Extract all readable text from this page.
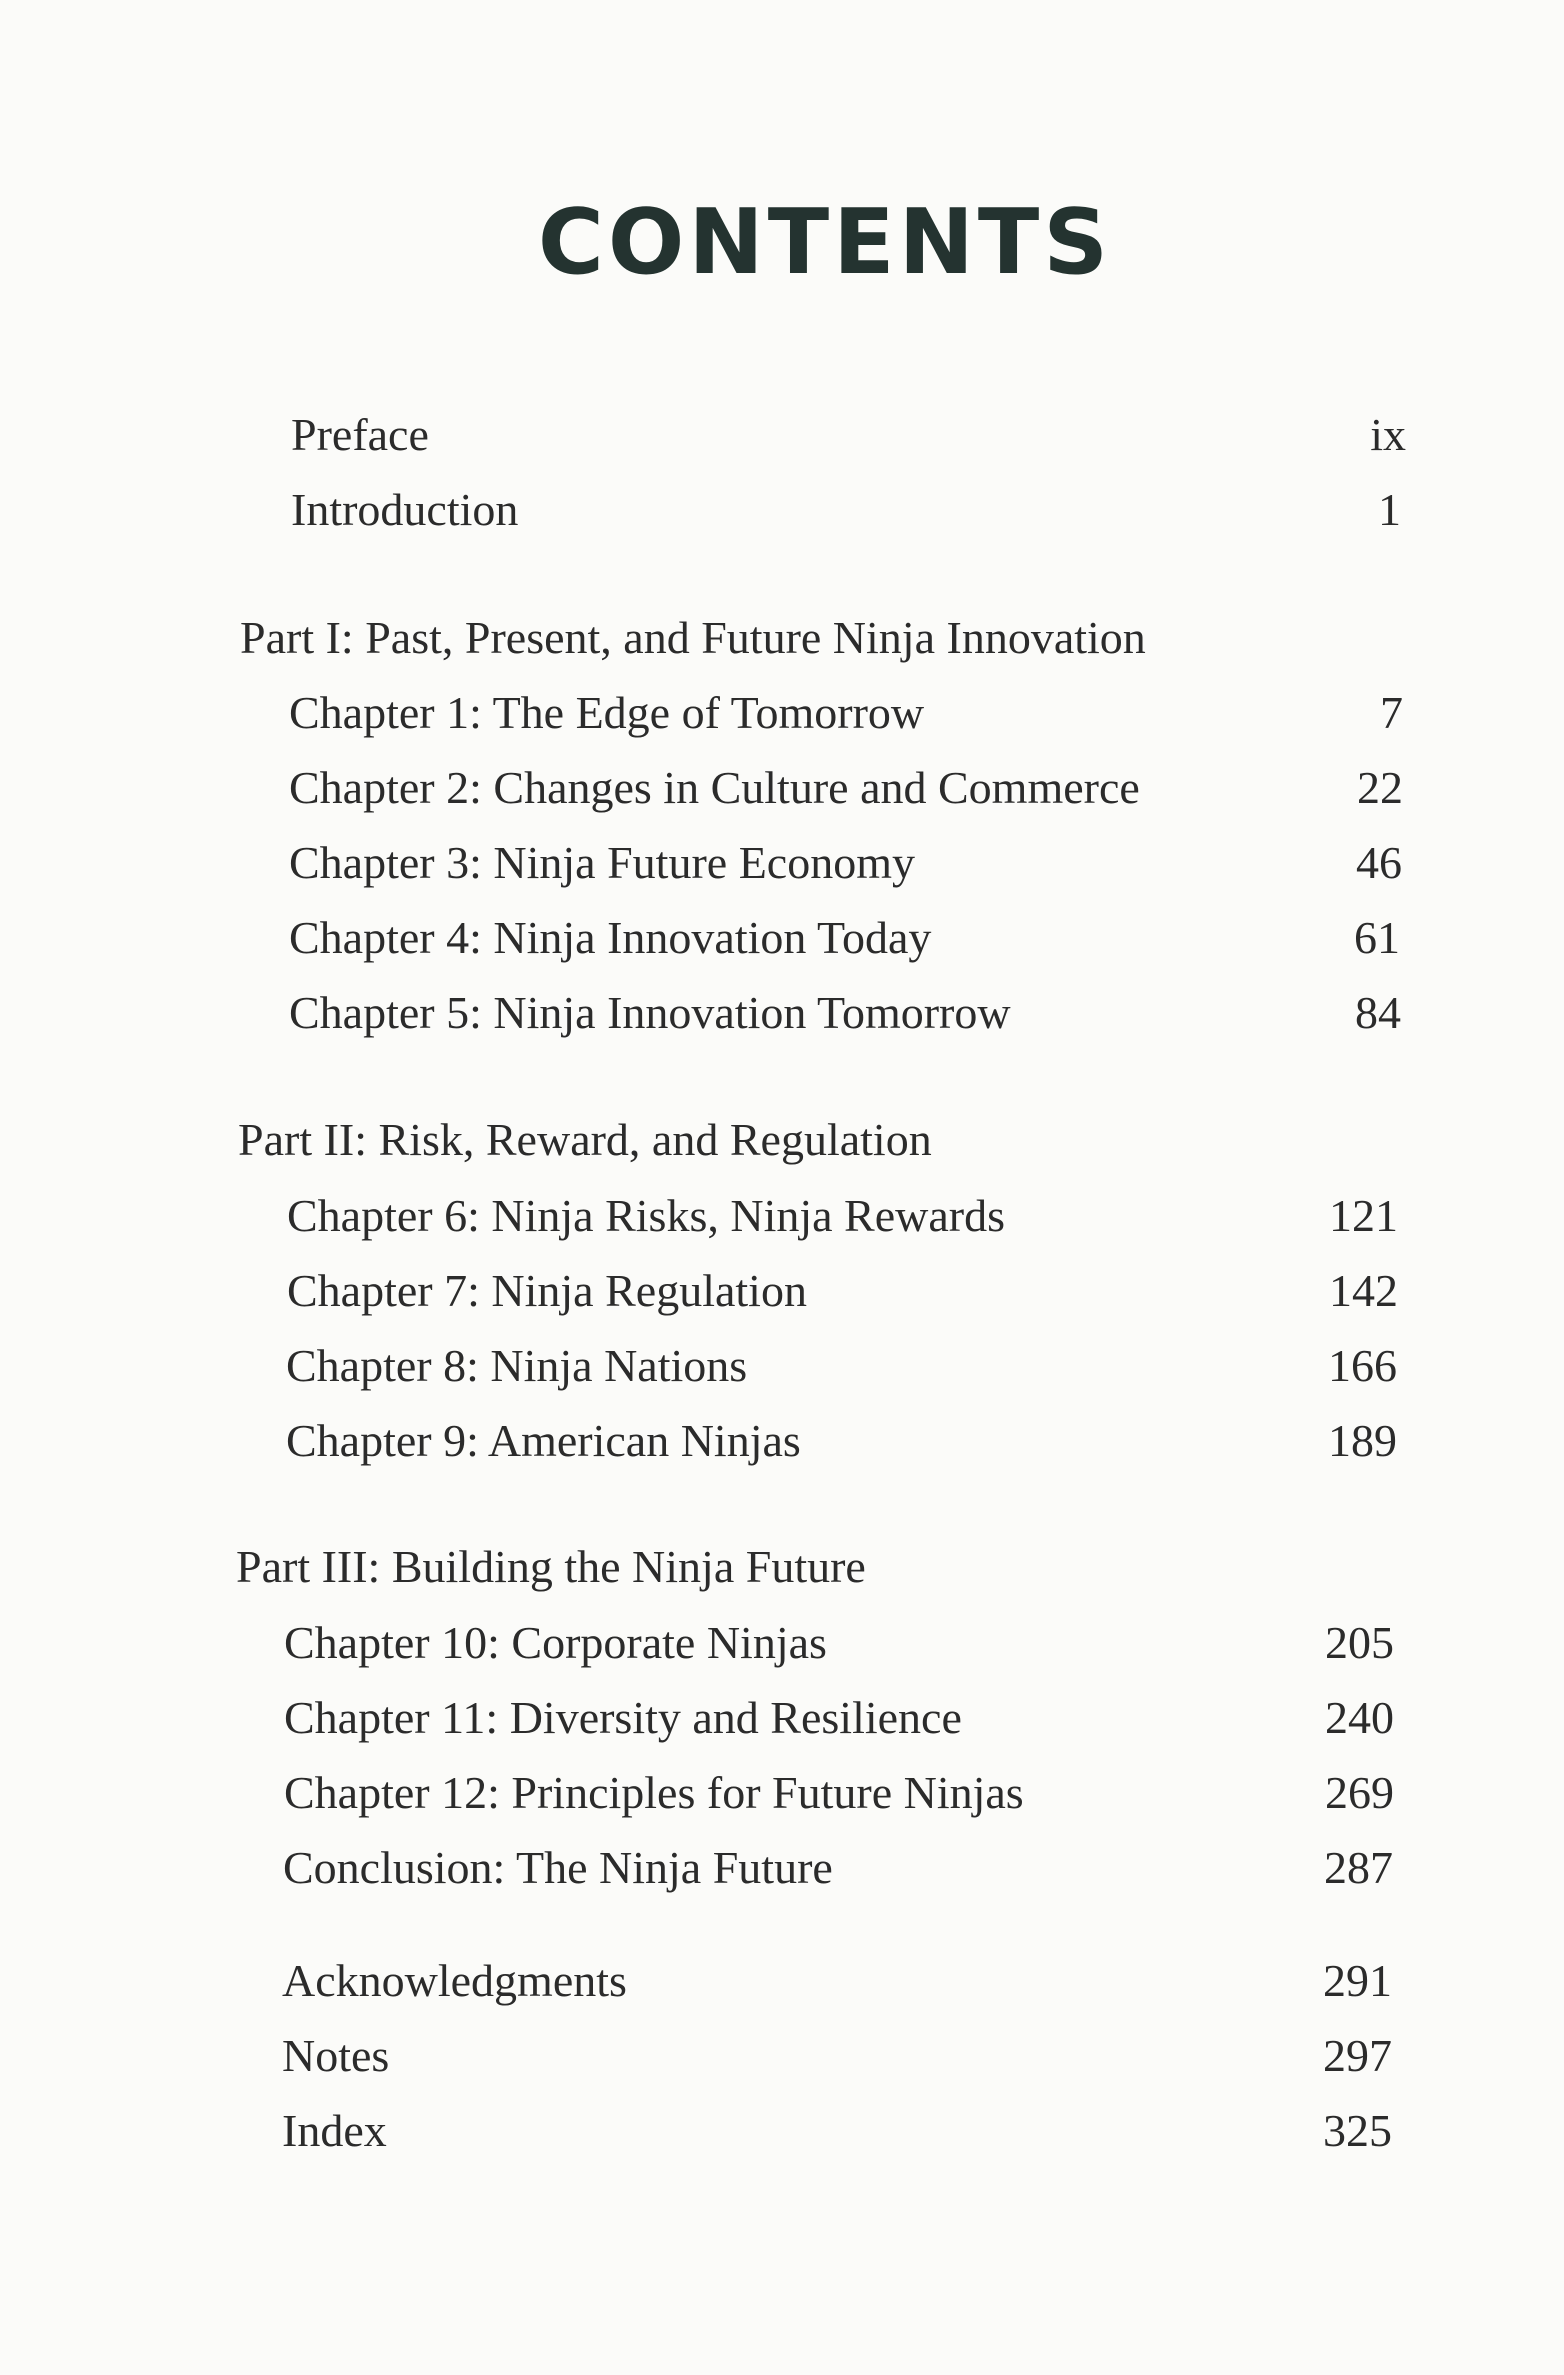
CONTENTS
Preface	ix
Introduction	1
Part I: Past, Present, and Future Ninja Innovation
Chapter 1: The Edge of Tomorrow	7
Chapter 2: Changes in Culture and Commerce	22
Chapter 3: Ninja Future Economy	46
Chapter 4: Ninja Innovation Today	61
Chapter 5: Ninja Innovation Tomorrow	84
Part II: Risk, Reward, and Regulation
Chapter 6: Ninja Risks, Ninja Rewards	121
Chapter 7: Ninja Regulation	142
Chapter 8: Ninja Nations	166
Chapter 9: American Ninjas	189
Part III: Building the Ninja Future
Chapter 10: Corporate Ninjas	205
Chapter 11: Diversity and Resilience	240
Chapter 12: Principles for Future Ninjas	269
Conclusion: The Ninja Future	287
Acknowledgments	291
Notes	297
Index	325
